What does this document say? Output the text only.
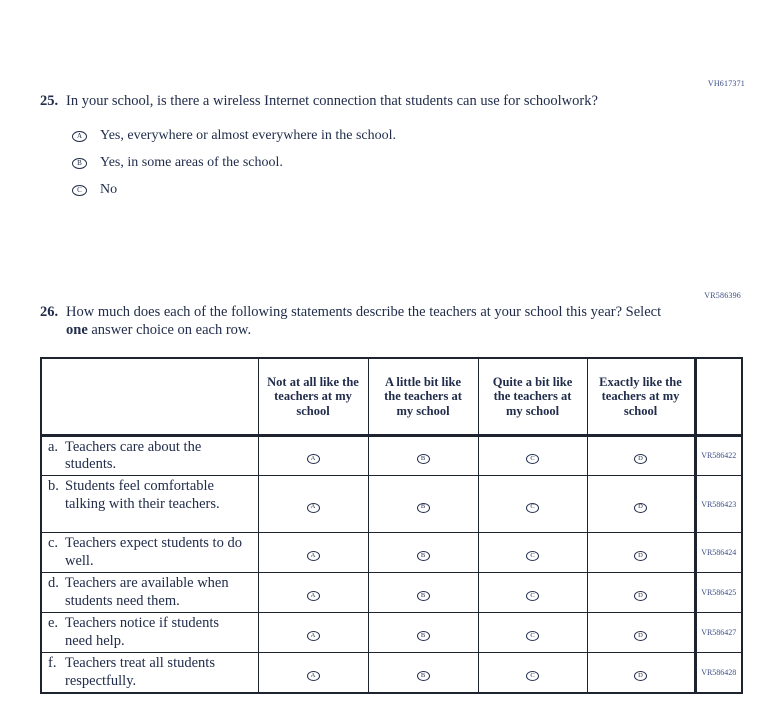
VH617371
25. In your school, is there a wireless Internet connection that students can use for schoolwork?

A	Yes, everywhere or almost everywhere in the school.
B	Yes, in some areas of the school.
C	No
VR586396
26. How much does each of the following statements describe the teachers at your school this year? Select one answer choice on each row.

	Not at all like the teachers at my school	A little bit like the teachers at my school	Quite a bit like the teachers at my school	Exactly like the teachers at my school	

a. Teachers care about the students.	A	B	C	D	VR586422

b. Students feel comfortable talking with their teachers.	A	B	C	D	VR586423

c. Teachers expect students to do well.	A	B	C	D	VR586424

d. Teachers are available when students need them.	A	B	C	D	VR586425

e. Teachers notice if students need help.	A	B	C	D	VR586427

f. Teachers treat all students respectfully.	A	B	C	D	VR586428
